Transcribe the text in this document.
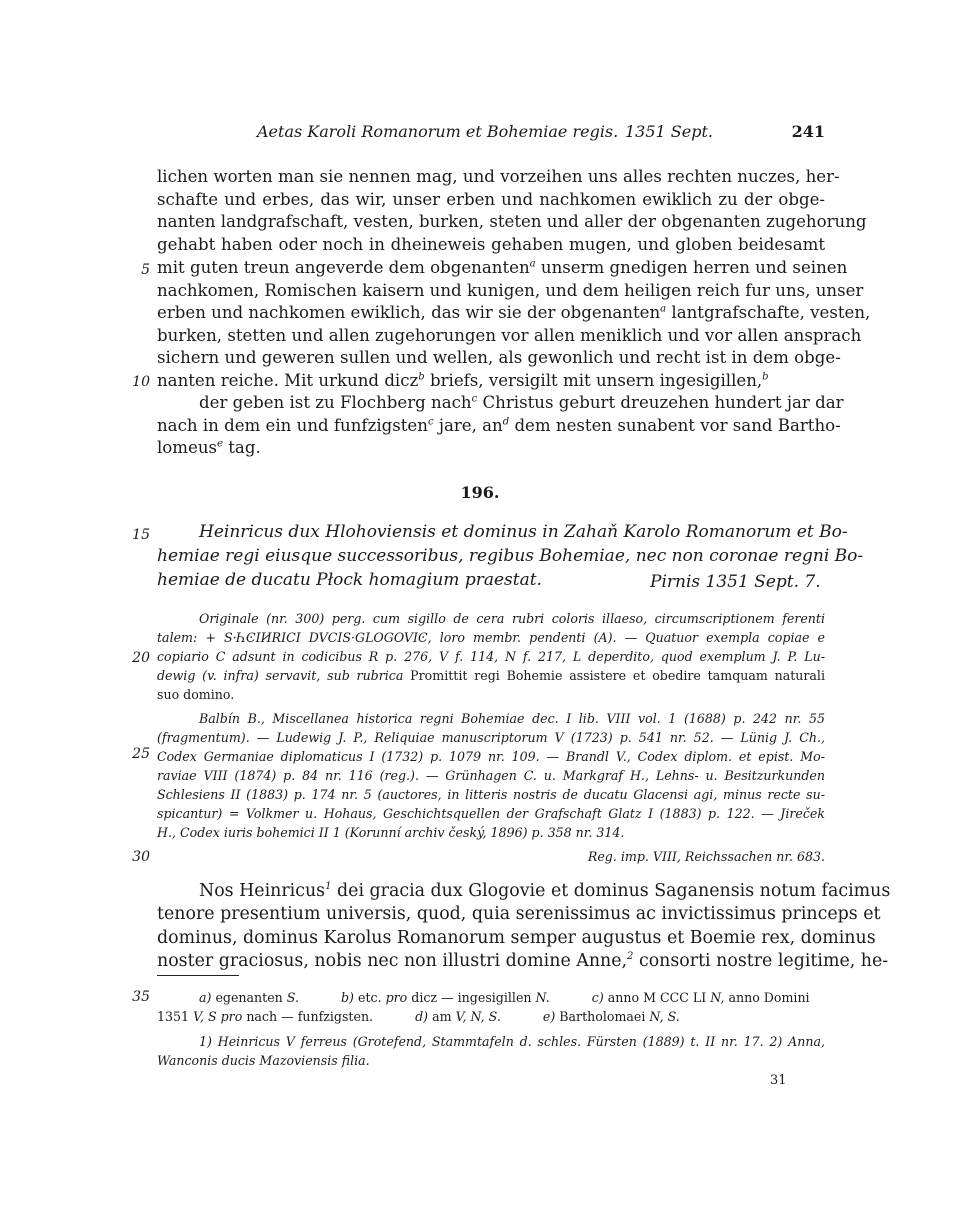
Aetas Karoli Romanorum et Bohemiae regis. 1351 Sept.	241
5
10
15
20
25
30
35
lichen worten man sie nennen mag, und vorzeihen uns alles rechten nuczes, her-
schafte und erbes, das wir, unser erben und nachkomen ewiklich zu der obge-
nanten landgrafschaft, vesten, burken, steten und aller der obgenanten zugehorung
gehabt haben oder noch in dheineweis gehaben mugen, und globen beidesamt
mit guten treun angeverde dem obgenanten$^a$ unserm gnedigen herren und seinen
nachkomen, Romischen kaisern und kunigen, und dem heiligen reich fur uns, unser
erben und nachkomen ewiklich, das wir sie der obgenanten$^a$ lantgrafschafte, vesten,
burken, stetten und allen zugehorungen vor allen meniklich und vor allen ansprach
sichern und geweren sullen und wellen, als gewonlich und recht ist in dem obge-
nanten reiche. Mit urkund dicz$^b$ briefs, versigilt mit unsern ingesigillen,$^b$
der geben ist zu Flochberg nach$^c$ Christus geburt dreuzehen hundert jar dar
nach in dem ein und funfzigsten$^c$ jare, $an^d$ dem nesten sunabent vor sand Bartho-
lomeus$^e$ tag.
196.
Heinricus dux Hlohoviensis et dominus in Zahaň Karolo Romanorum et Bo-
hemiae regi eiusque successoribus, regibus Bohemiae, nec non coronae regni Bo-
hemiae de ducatu Płock homagium praestat.	Pirnis 1351 Sept. 7.
Originale (nr. 300) perg. cum sigillo de cera rubri coloris illaeso, circumscriptionem ferenti
talem: + S·ҺϾIИRICI DVCIS·GLOGOVIϾ, loro membr. pendenti (A). — Quatuor exempla copiae e
copiario C adsunt in codicibus R p. 276, V f. 114, N f. 217, L deperdito, quod exemplum J. P. Lu-
dewig (v. infra) servavit, sub rubrica Promittit regi Bohemie assistere et obedire tamquam naturali
suo domino.
Balbín B., Miscellanea historica regni Bohemiae dec. I lib. VIII vol. 1 (1688) p. 242 nr. 55
(fragmentum). — Ludewig J. P., Reliquiae manuscriptorum V (1723) p. 541 nr. 52. — Lünig J. Ch.,
Codex Germaniae diplomaticus I (1732) p. 1079 nr. 109. — Brandl V., Codex diplom. et epist. Mo-
raviae VIII (1874) p. 84 nr. 116 (reg.). — Grünhagen C. u. Markgraf H., Lehns- u. Besitzurkunden
Schlesiens II (1883) p. 174 nr. 5 (auctores, in litteris nostris de ducatu Glacensi agi, minus recte su-
spicantur) = Volkmer u. Hohaus, Geschichtsquellen der Grafschaft Glatz I (1883) p. 122. — Jireček
H., Codex iuris bohemici II 1 (Korunní archiv český, 1896) p. 358 nr. 314.
Reg. imp. VIII, Reichssachen nr. 683.
Nos Heinricus$^1$ dei gracia dux Glogovie et dominus Saganensis notum facimus
tenore presentium universis, quod, quia serenissimus ac invictissimus princeps et
dominus, dominus Karolus Romanorum semper augustus et Boemie rex, dominus
noster graciosus, nobis nec non illustri domine Anne,$^2$ consorti nostre legitime, he-
a) egenanten S.	b) etc. pro dicz — ingesigillen N.	c) anno M CCC LI N, anno Domini
1351 V, S pro nach — funfzigsten.	d) am V, N, S.	e) Bartholomaei N, S.
1) Heinricus V ferreus (Grotefend, Stammtafeln d. schles. Fürsten (1889) t. II nr. 17. 2) Anna,
Wanconis ducis Mazoviensis filia.
31
